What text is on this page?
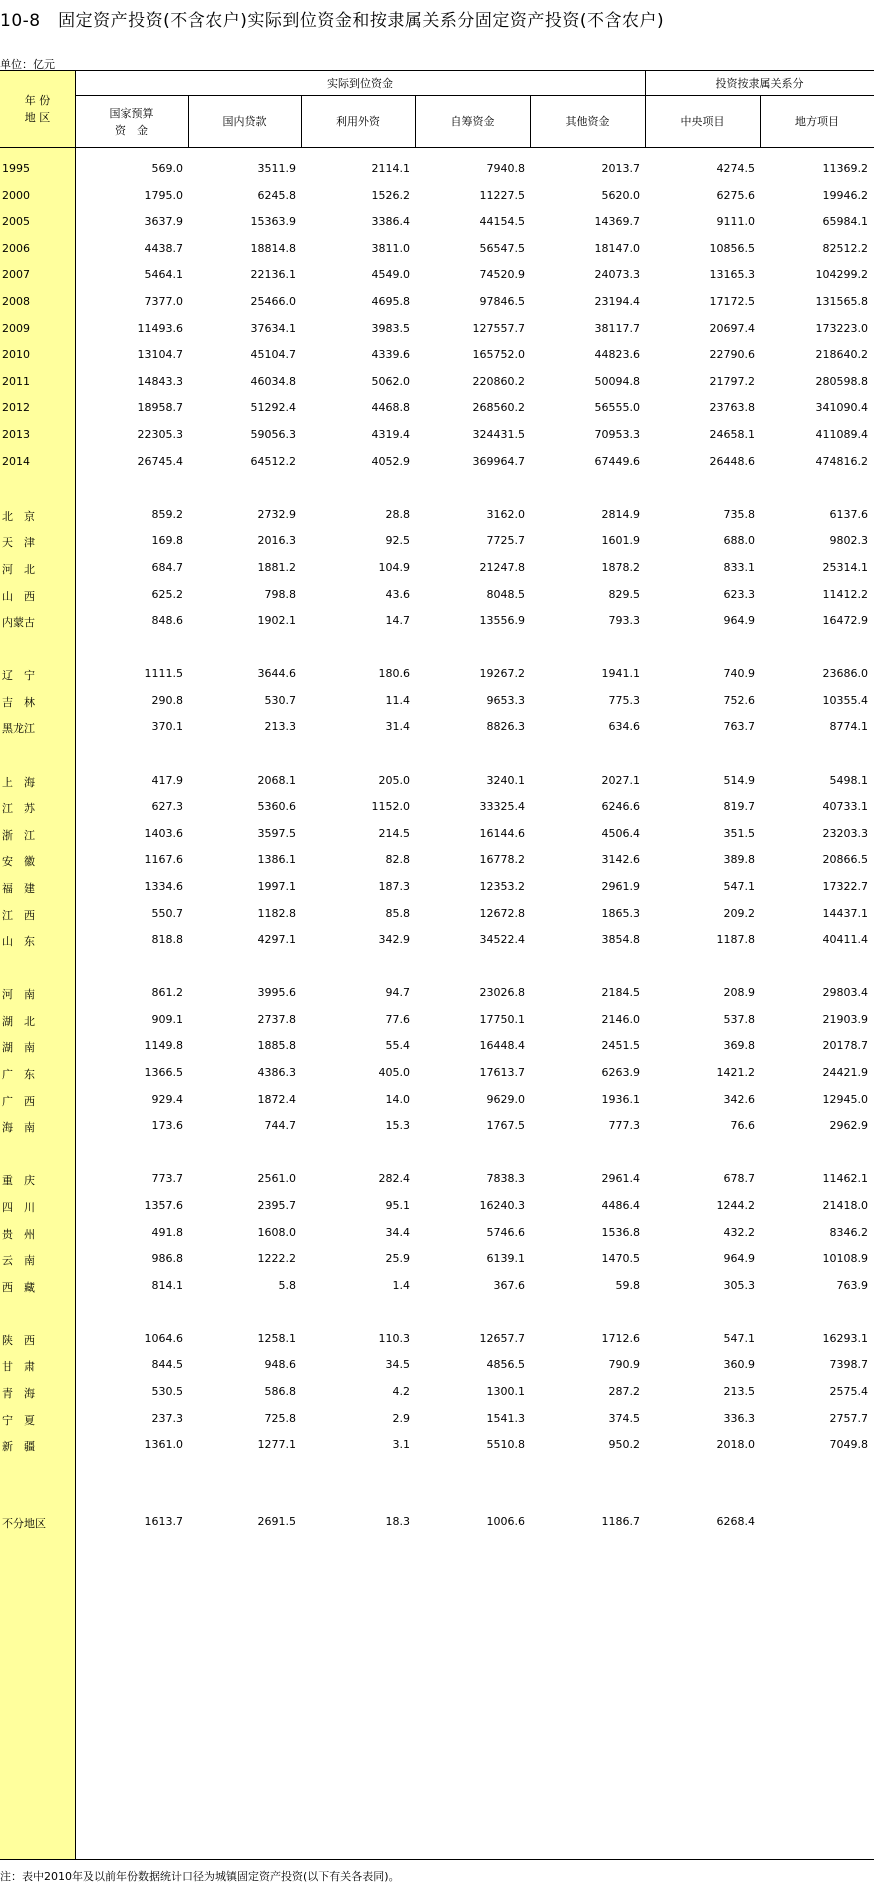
10-8　固定资产投资(不含农户)实际到位资金和按隶属关系分固定资产投资(不含农户)
单位：亿元
年 份
地 区
实际到位资金	投资按隶属关系分
国家预算
资　金
国内贷款	利用外资	自筹资金	其他资金	中央项目	地方项目
1995	569.0	3511.9	2114.1	7940.8	2013.7	4274.5	11369.2
2000	1795.0	6245.8	1526.2	11227.5	5620.0	6275.6	19946.2
2005	3637.9	15363.9	3386.4	44154.5	14369.7	9111.0	65984.1
2006	4438.7	18814.8	3811.0	56547.5	18147.0	10856.5	82512.2
2007	5464.1	22136.1	4549.0	74520.9	24073.3	13165.3	104299.2
2008	7377.0	25466.0	4695.8	97846.5	23194.4	17172.5	131565.8
2009	11493.6	37634.1	3983.5	127557.7	38117.7	20697.4	173223.0
2010	13104.7	45104.7	4339.6	165752.0	44823.6	22790.6	218640.2
2011	14843.3	46034.8	5062.0	220860.2	50094.8	21797.2	280598.8
2012	18958.7	51292.4	4468.8	268560.2	56555.0	23763.8	341090.4
2013	22305.3	59056.3	4319.4	324431.5	70953.3	24658.1	411089.4
2014	26745.4	64512.2	4052.9	369964.7	67449.6	26448.6	474816.2
北　京	859.2	2732.9	28.8	3162.0	2814.9	735.8	6137.6
天　津	169.8	2016.3	92.5	7725.7	1601.9	688.0	9802.3
河　北	684.7	1881.2	104.9	21247.8	1878.2	833.1	25314.1
山　西	625.2	798.8	43.6	8048.5	829.5	623.3	11412.2
内蒙古	848.6	1902.1	14.7	13556.9	793.3	964.9	16472.9
辽　宁	1111.5	3644.6	180.6	19267.2	1941.1	740.9	23686.0
吉　林	290.8	530.7	11.4	9653.3	775.3	752.6	10355.4
黑龙江	370.1	213.3	31.4	8826.3	634.6	763.7	8774.1
上　海	417.9	2068.1	205.0	3240.1	2027.1	514.9	5498.1
江　苏	627.3	5360.6	1152.0	33325.4	6246.6	819.7	40733.1
浙　江	1403.6	3597.5	214.5	16144.6	4506.4	351.5	23203.3
安　徽	1167.6	1386.1	82.8	16778.2	3142.6	389.8	20866.5
福　建	1334.6	1997.1	187.3	12353.2	2961.9	547.1	17322.7
江　西	550.7	1182.8	85.8	12672.8	1865.3	209.2	14437.1
山　东	818.8	4297.1	342.9	34522.4	3854.8	1187.8	40411.4
河　南	861.2	3995.6	94.7	23026.8	2184.5	208.9	29803.4
湖　北	909.1	2737.8	77.6	17750.1	2146.0	537.8	21903.9
湖　南	1149.8	1885.8	55.4	16448.4	2451.5	369.8	20178.7
广　东	1366.5	4386.3	405.0	17613.7	6263.9	1421.2	24421.9
广　西	929.4	1872.4	14.0	9629.0	1936.1	342.6	12945.0
海　南	173.6	744.7	15.3	1767.5	777.3	76.6	2962.9
重　庆	773.7	2561.0	282.4	7838.3	2961.4	678.7	11462.1
四　川	1357.6	2395.7	95.1	16240.3	4486.4	1244.2	21418.0
贵　州	491.8	1608.0	34.4	5746.6	1536.8	432.2	8346.2
云　南	986.8	1222.2	25.9	6139.1	1470.5	964.9	10108.9
西　藏	814.1	5.8	1.4	367.6	59.8	305.3	763.9
陕　西	1064.6	1258.1	110.3	12657.7	1712.6	547.1	16293.1
甘　肃	844.5	948.6	34.5	4856.5	790.9	360.9	7398.7
青　海	530.5	586.8	4.2	1300.1	287.2	213.5	2575.4
宁　夏	237.3	725.8	2.9	1541.3	374.5	336.3	2757.7
新　疆	1361.0	1277.1	3.1	5510.8	950.2	2018.0	7049.8
不分地区	1613.7	2691.5	18.3	1006.6	1186.7	6268.4
注：表中2010年及以前年份数据统计口径为城镇固定资产投资(以下有关各表同)。
